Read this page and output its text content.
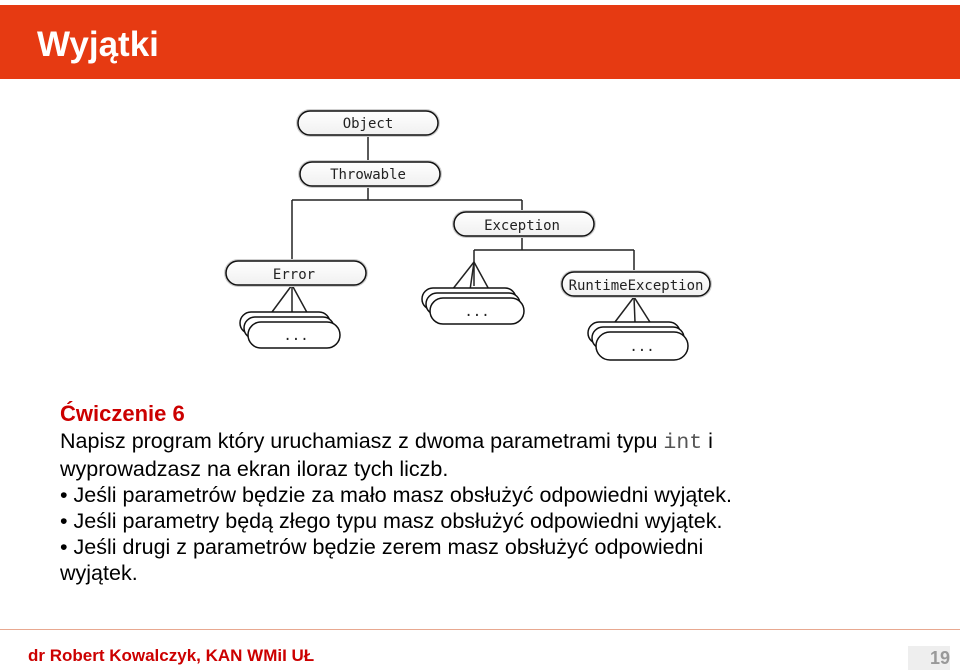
Wyjątki
Object
Throwable
Exception
Error
RuntimeException
...
...
...
Ćwiczenie 6
Napisz program który uruchamiasz z dwoma parametrami typu int i
wyprowadzasz na ekran iloraz tych liczb.
• Jeśli parametrów będzie za mało masz obsłużyć odpowiedni wyjątek.
• Jeśli parametry będą złego typu masz obsłużyć odpowiedni wyjątek.
• Jeśli drugi z parametrów będzie zerem masz obsłużyć odpowiedni
wyjątek.
dr Robert Kowalczyk, KAN WMiI UŁ	19
